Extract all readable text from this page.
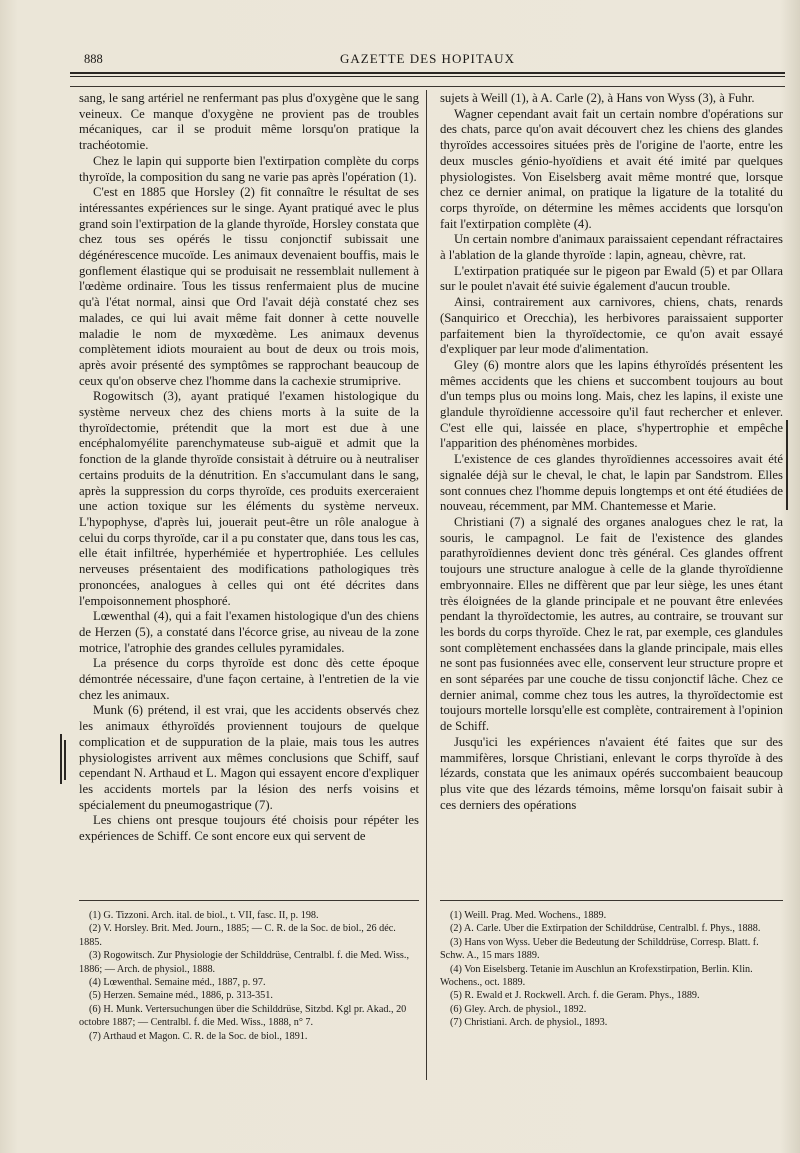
888	GAZETTE DES HOPITAUX

sang, le sang artériel ne renfermant pas plus d'oxygène que le sang veineux. Ce manque d'oxygène ne provient pas de troubles mécaniques, car il se produit même lorsqu'on pratique la trachéotomie.

Chez le lapin qui supporte bien l'extirpation complète du corps thyroïde, la composition du sang ne varie pas après l'opération (1).

C'est en 1885 que Horsley (2) fit connaître le résultat de ses intéressantes expériences sur le singe. Ayant pratiqué avec le plus grand soin l'extirpation de la glande thyroïde, Horsley constata que chez tous ses opérés le tissu conjonctif subissait une dégénérescence mucoïde. Les animaux devenaient bouffis, mais le gonflement élastique qui se produisait ne ressemblait nullement à l'œdème ordinaire. Tous les tissus renfermaient plus de mucine qu'à l'état normal, ainsi que Ord l'avait déjà constaté chez ses malades, ce qui lui avait même fait donner à cette nouvelle maladie le nom de myxœdème. Les animaux devenus complètement idiots mouraient au bout de deux ou trois mois, après avoir présenté des symptômes se rapprochant beaucoup de ceux qu'on observe chez l'homme dans la cachexie strumiprive.

Rogowitsch (3), ayant pratiqué l'examen histologique du système nerveux chez des chiens morts à la suite de la thyroïdectomie, prétendit que la mort est due à une encéphalomyélite parenchymateuse sub-aiguë et admit que la fonction de la glande thyroïde consistait à détruire ou à neutraliser certains produits de la dénutrition. En s'accumulant dans le sang, après la suppression du corps thyroïde, ces produits exerceraient une action toxique sur les éléments du système nerveux. L'hypophyse, d'après lui, jouerait peut-être un rôle analogue à celui du corps thyroïde, car il a pu constater que, dans tous les cas, elle était infiltrée, hyperhémiée et hypertrophiée. Les cellules nerveuses présentaient des modifications pathologiques très prononcées, analogues à celles qui ont été décrites dans l'empoisonnement phosphoré.

Lœwenthal (4), qui a fait l'examen histologique d'un des chiens de Herzen (5), a constaté dans l'écorce grise, au niveau de la zone motrice, l'atrophie des grandes cellules pyramidales.

La présence du corps thyroïde est donc dès cette époque démontrée nécessaire, d'une façon certaine, à l'entretien de la vie chez les animaux.

Munk (6) prétend, il est vrai, que les accidents observés chez les animaux éthyroïdés proviennent toujours de quelque complication et de suppuration de la plaie, mais tous les autres physiologistes arrivent aux mêmes conclusions que Schiff, sauf cependant N. Arthaud et L. Magon qui essayent encore d'expliquer les accidents mortels par la lésion des nerfs voisins et spécialement du pneumogastrique (7).

Les chiens ont presque toujours été choisis pour répéter les expériences de Schiff. Ce sont encore eux qui servent de

sujets à Weill (1), à A. Carle (2), à Hans von Wyss (3), à Fuhr.

Wagner cependant avait fait un certain nombre d'opérations sur des chats, parce qu'on avait découvert chez les chiens des glandes thyroïdes accessoires situées près de l'origine de l'aorte, entre les deux muscles génio-hyoïdiens et avait été imité par quelques physiologistes. Von Eiselsberg avait même montré que, lorsque chez ce dernier animal, on pratique la ligature de la totalité du corps thyroïde, on détermine les mêmes accidents que lorsqu'on fait l'extirpation complète (4).

Un certain nombre d'animaux paraissaient cependant réfractaires à l'ablation de la glande thyroïde : lapin, agneau, chèvre, rat.

L'extirpation pratiquée sur le pigeon par Ewald (5) et par Ollara sur le poulet n'avait été suivie également d'aucun trouble.

Ainsi, contrairement aux carnivores, chiens, chats, renards (Sanquirico et Orecchia), les herbivores paraissaient supporter parfaitement bien la thyroïdectomie, ce qu'on avait essayé d'expliquer par leur mode d'alimentation.

Gley (6) montre alors que les lapins éthyroïdés présentent les mêmes accidents que les chiens et succombent toujours au bout d'un temps plus ou moins long. Mais, chez les lapins, il existe une glandule thyroïdienne accessoire qu'il faut rechercher et enlever. C'est elle qui, laissée en place, s'hypertrophie et empêche l'apparition des phénomènes morbides.

L'existence de ces glandes thyroïdiennes accessoires avait été signalée déjà sur le cheval, le chat, le lapin par Sandstrom. Elles sont connues chez l'homme depuis longtemps et ont été étudiées de nouveau, récemment, par MM. Chantemesse et Marie.

Christiani (7) a signalé des organes analogues chez le rat, la souris, le campagnol. Le fait de l'existence des glandes parathyroïdiennes devient donc très général. Ces glandes offrent toujours une structure analogue à celle de la glande thyroïdienne embryonnaire. Elles ne diffèrent que par leur siège, les unes étant très éloignées de la glande principale et ne pouvant être enlevées pendant la thyroïdectomie, les autres, au contraire, se trouvant sur les bords du corps thyroïde. Chez le rat, par exemple, ces glandules sont complètement enchassées dans la glande principale, mais elles ne sont pas fusionnées avec elle, conservent leur structure propre et en sont séparées par une couche de tissu conjonctif lâche. Chez ce dernier animal, comme chez tous les autres, la thyroïdectomie est toujours mortelle lorsqu'elle est complète, contrairement à l'opinion de Schiff.

Jusqu'ici les expériences n'avaient été faites que sur des mammifères, lorsque Christiani, enlevant le corps thyroïde à des lézards, constata que les animaux opérés succombaient beaucoup plus vite que des lézards témoins, même lorsqu'on faisait subir à ces derniers des opérations

(1) G. Tizzoni. Arch. ital. de biol., t. VII, fasc. II, p. 198.

(2) V. Horsley. Brit. Med. Journ., 1885; — C. R. de la Soc. de biol., 26 déc. 1885.

(3) Rogowitsch. Zur Physiologie der Schilddrüse, Centralbl. f. die Med. Wiss., 1886; — Arch. de physiol., 1888.

(4) Lœwenthal. Semaine méd., 1887, p. 97.

(5) Herzen. Semaine méd., 1886, p. 313-351.

(6) H. Munk. Vertersuchungen über die Schilddrüse, Sitzbd. Kgl pr. Akad., 20 octobre 1887; — Centralbl. f. die Med. Wiss., 1888, n° 7.

(7) Arthaud et Magon. C. R. de la Soc. de biol., 1891.

(1) Weill. Prag. Med. Wochens., 1889.

(2) A. Carle. Uber die Extirpation der Schilddrüse, Centralbl. f. Phys., 1888.

(3) Hans von Wyss. Ueber die Bedeutung der Schilddrüse, Corresp. Blatt. f. Schw. A., 15 mars 1889.

(4) Von Eiselsberg. Tetanie im Auschlun an Krofexstirpation, Berlin. Klin. Wochens., oct. 1889.

(5) R. Ewald et J. Rockwell. Arch. f. die Geram. Phys., 1889.

(6) Gley. Arch. de physiol., 1892.

(7) Christiani. Arch. de physiol., 1893.
